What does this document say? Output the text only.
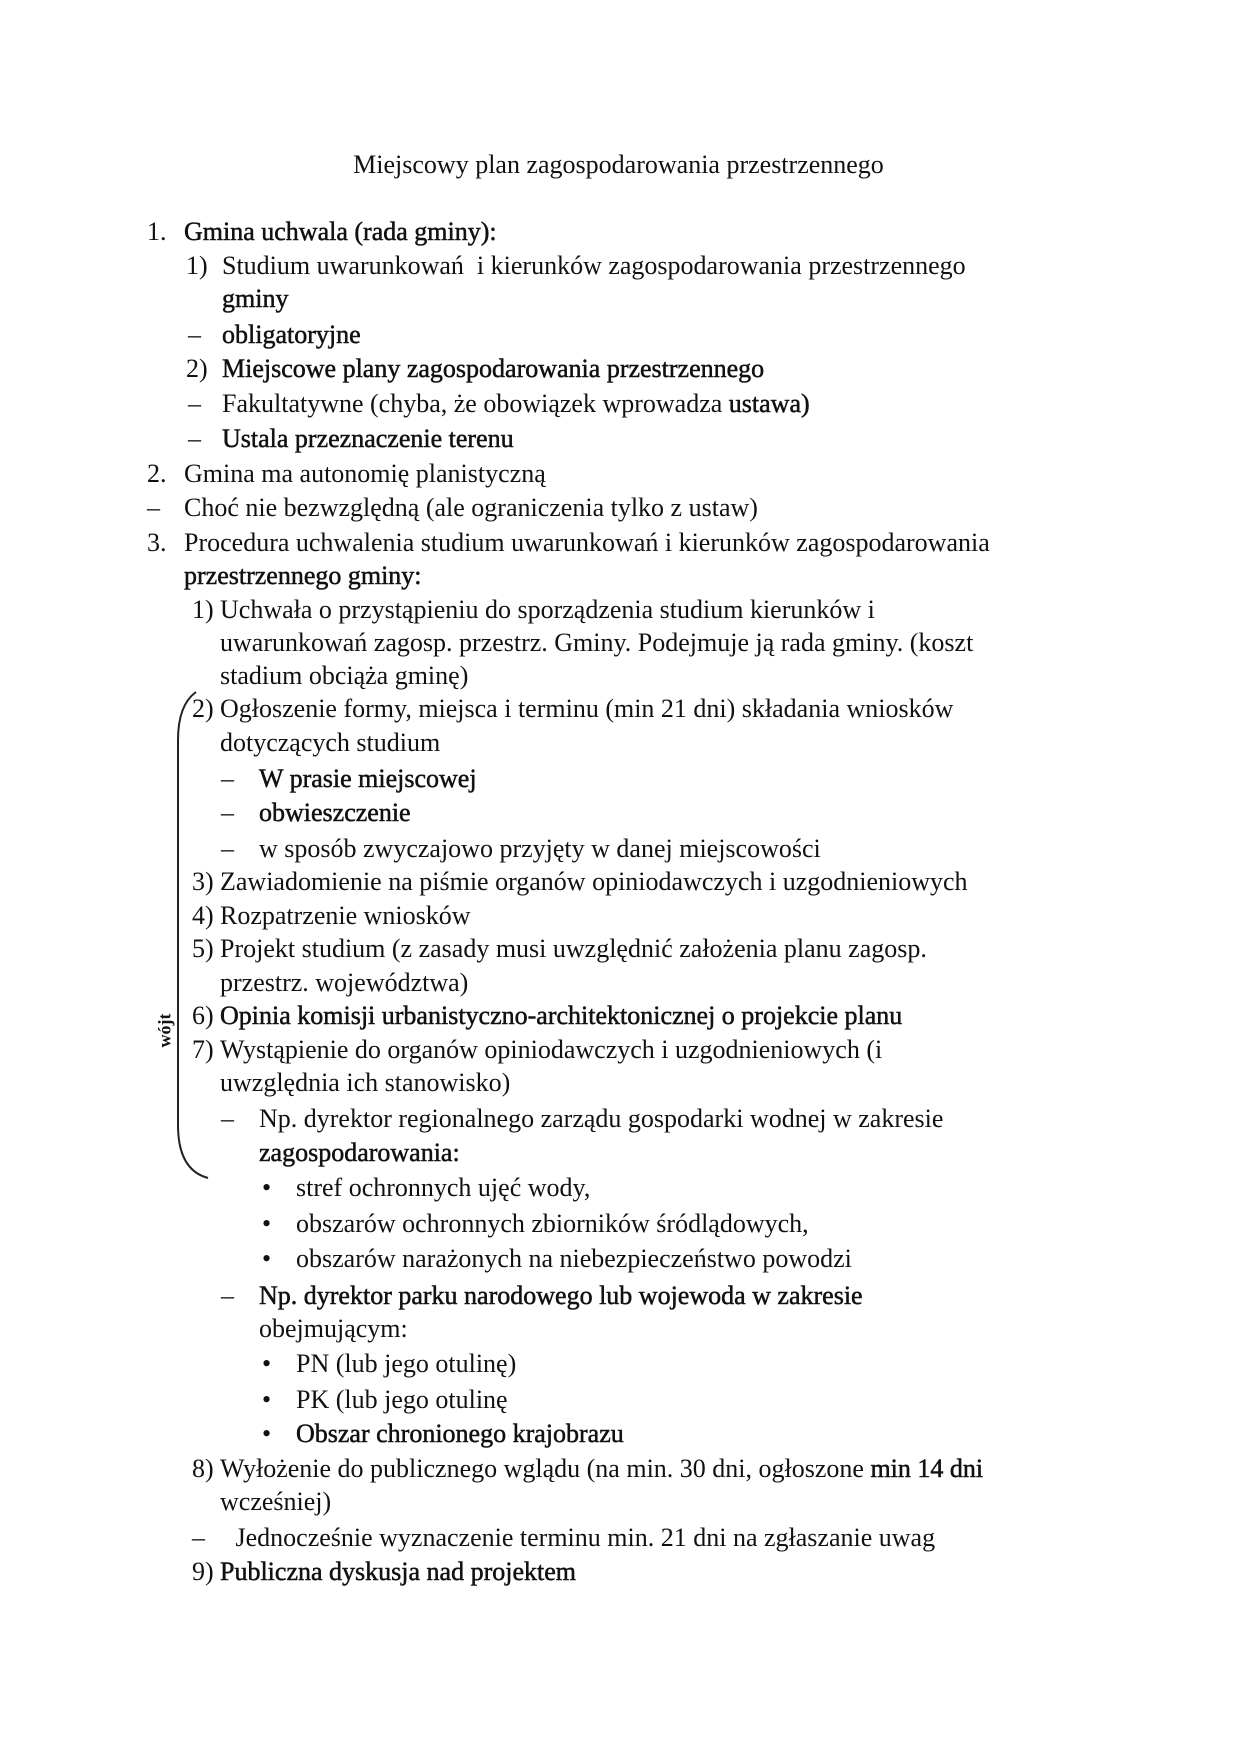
Miejscowy plan zagospodarowania przestrzennego
wójt
1. Gmina uchwala (rada gminy):
1) Studium uwarunkowań  i kierunków zagospodarowania przestrzennego
gminy
– obligatoryjne
2) Miejscowe plany zagospodarowania przestrzennego
– Fakultatywne (chyba, że obowiązek wprowadza ustawa)
– Ustala przeznaczenie terenu
2. Gmina ma autonomię planistyczną
– Choć nie bezwzględną (ale ograniczenia tylko z ustaw)
3. Procedura uchwalenia studium uwarunkowań i kierunków zagospodarowania
przestrzennego gminy:
1) Uchwała o przystąpieniu do sporządzenia studium kierunków i
uwarunkowań zagosp. przestrz. Gminy. Podejmuje ją rada gminy. (koszt
stadium obciąża gminę)
2) Ogłoszenie formy, miejsca i terminu (min 21 dni) składania wniosków
dotyczących studium
– W prasie miejscowej
– obwieszczenie
– w sposób zwyczajowo przyjęty w danej miejscowości
3) Zawiadomienie na piśmie organów opiniodawczych i uzgodnieniowych
4) Rozpatrzenie wniosków
5) Projekt studium (z zasady musi uwzględnić założenia planu zagosp.
przestrz. województwa)
6) Opinia komisji urbanistyczno-architektonicznej o projekcie planu
7) Wystąpienie do organów opiniodawczych i uzgodnieniowych (i
uwzględnia ich stanowisko)
– Np. dyrektor regionalnego zarządu gospodarki wodnej w zakresie
zagospodarowania:
• stref ochronnych ujęć wody,
• obszarów ochronnych zbiorników śródlądowych,
• obszarów narażonych na niebezpieczeństwo powodzi
– Np. dyrektor parku narodowego lub wojewoda w zakresie
obejmującym:
• PN (lub jego otulinę)
• PK (lub jego otulinę
• Obszar chronionego krajobrazu
8) Wyłożenie do publicznego wglądu (na min. 30 dni, ogłoszone min 14 dni
wcześniej)
– Jednocześnie wyznaczenie terminu min. 21 dni na zgłaszanie uwag
9) Publiczna dyskusja nad projektem
